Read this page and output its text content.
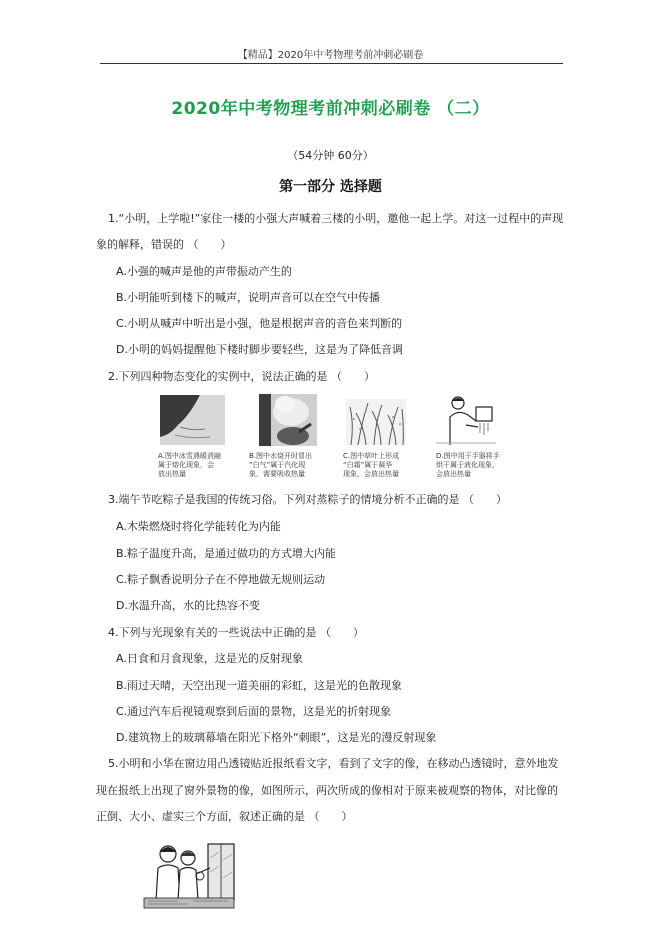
【精品】2020年中考物理考前冲刺必刷卷
2020年中考物理考前冲刺必刷卷 （二）
（54分钟 60分）
第一部分 选择题
1.“小明，上学啦!”家住一楼的小强大声喊着三楼的小明，邀他一起上学。对这一过程中的声现
象的解释，错误的 （　　）
A.小强的喊声是他的声带振动产生的
B.小明能听到楼下的喊声，说明声音可以在空气中传播
C.小明从喊声中听出是小强，他是根据声音的音色来判断的
D.小明的妈妈提醒他下楼时脚步要轻些，这是为了降低音调
2.下列四种物态变化的实例中，说法正确的是 （　　）
A.图中冰雪遇暖消融
属于熔化现象，会
放出热量
B.图中水烧开时冒出
“白气”属于汽化现
象，需要吸收热量
C.图中草叶上形成
“白霜”属于凝华
现象，会放出热量
D.图中用干手器将手
烘干属于液化现象，
会放出热量
3.端午节吃粽子是我国的传统习俗。下列对蒸粽子的情境分析不正确的是 （　　）
A.木柴燃烧时将化学能转化为内能
B.粽子温度升高，是通过做功的方式增大内能
C.粽子飘香说明分子在不停地做无规则运动
D.水温升高，水的比热容不变
4.下列与光现象有关的一些说法中正确的是 （　　）
A.日食和月食现象，这是光的反射现象
B.雨过天晴，天空出现一道美丽的彩虹，这是光的色散现象
C.通过汽车后视镜观察到后面的景物，这是光的折射现象
D.建筑物上的玻璃幕墙在阳光下格外“刺眼”，这是光的漫反射现象
5.小明和小华在窗边用凸透镜贴近报纸看文字，看到了文字的像，在移动凸透镜时，意外地发
现在报纸上出现了窗外景物的像，如图所示，两次所成的像相对于原来被观察的物体，对比像的
正倒、大小、虚实三个方面，叙述正确的是 （　　）
